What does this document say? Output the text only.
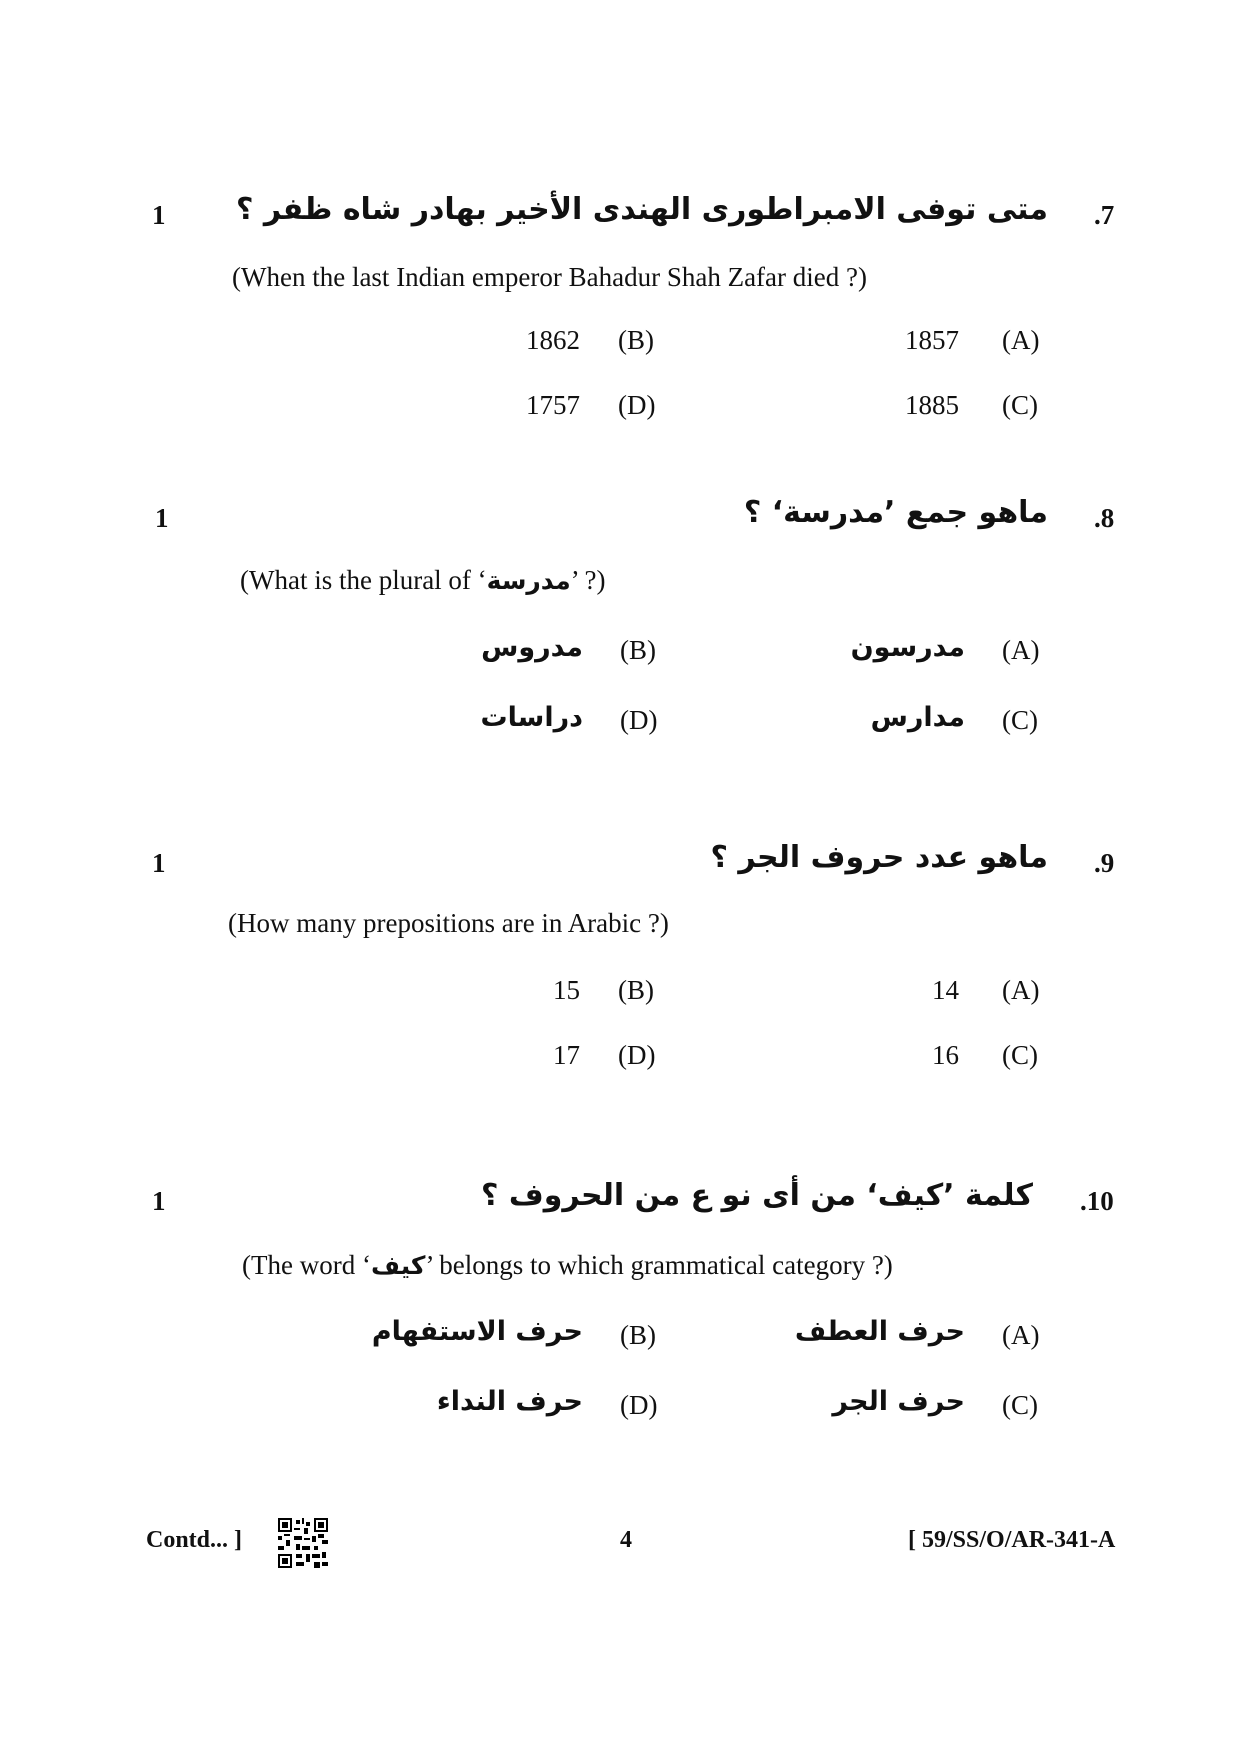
1 متى توفى الامبراطورى الهندى الأخير بهادر شاه ظفر ؟ .7
(When the last Indian emperor Bahadur Shah Zafar died ?)
1857 (A)
1862 (B)
1885 (C)
1757 (D)
1	ماهو جمع ’مدرسة‘ ؟ .8
(What is the plural of ‘مدرسة’ ?)
مدرسون (A)
مدروس (B)
مدارس (C)
دراسات (D)
1	ماهو عدد حروف الجر ؟ .9
(How many prepositions are in Arabic ?)
14 (A)
15 (B)
16 (C)
17 (D)
1	كلمة ’كيف‘ من أى نو ع من الحروف ؟ .10
(The word ‘كيف’ belongs to which grammatical category ?)
حرف العطف (A)
حرف الاستفهام (B)
حرف الجر (C)
حرف النداء (D)
Contd... ]	4	[ 59/SS/O/AR-341-A
